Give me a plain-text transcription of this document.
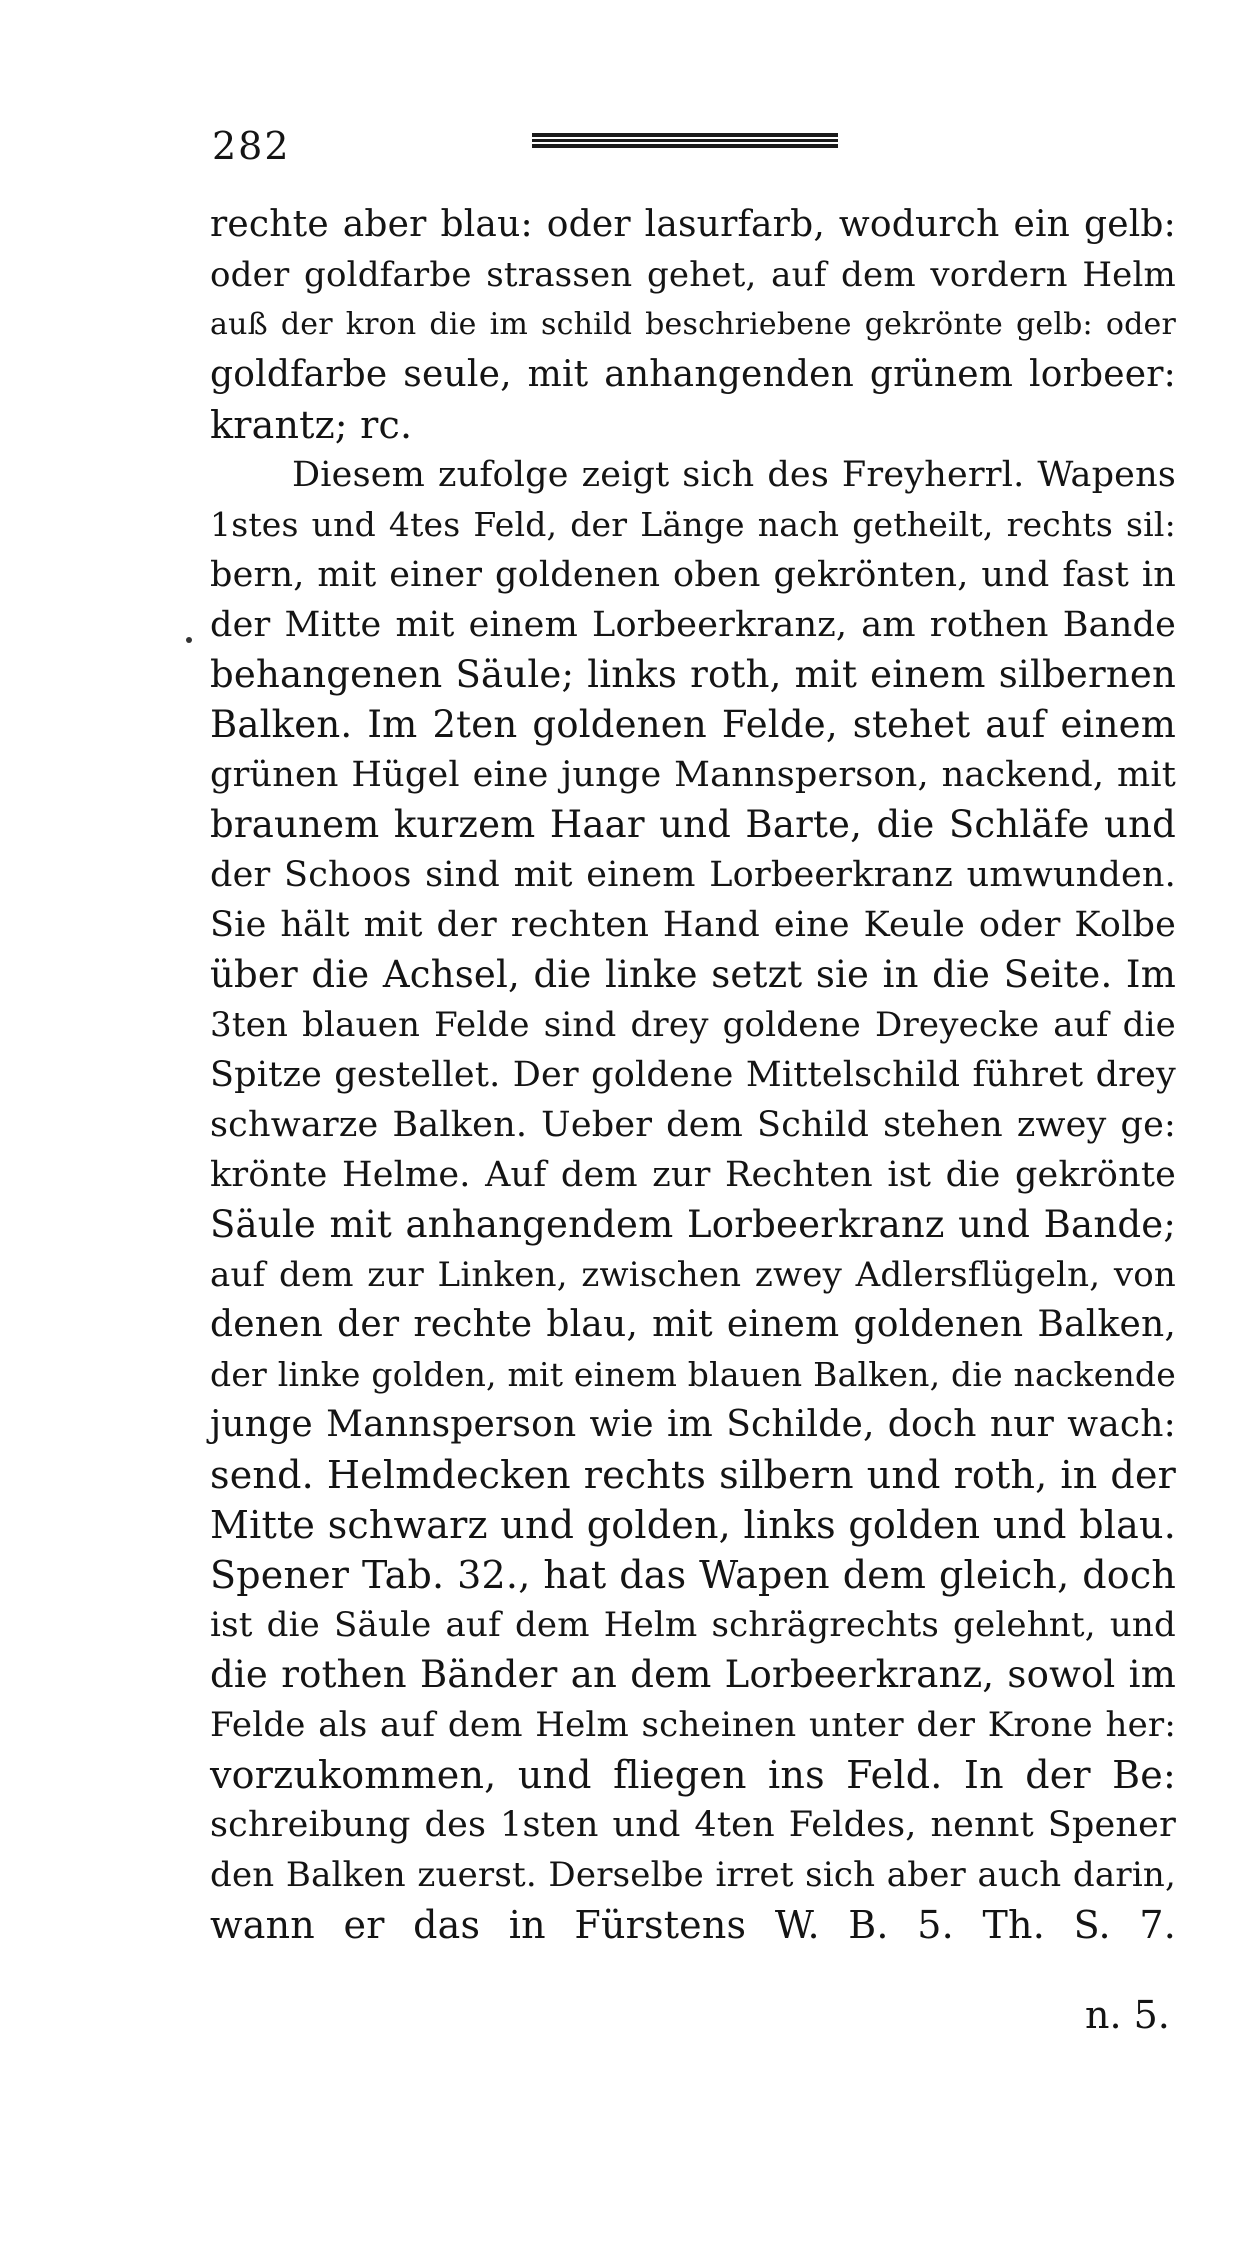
282
rechte aber blau: oder lasurfarb, wodurch ein gelb:
oder goldfarbe strassen gehet, auf dem vordern Helm
auß der kron die im schild beschriebene gekrönte gelb: oder
goldfarbe seule, mit anhangenden grünem lorbeer:
krantz; rc.
Diesem zufolge zeigt sich des Freyherrl. Wapens
1stes und 4tes Feld, der Länge nach getheilt, rechts sil:
bern, mit einer goldenen oben gekrönten, und fast in
der Mitte mit einem Lorbeerkranz, am rothen Bande
behangenen Säule; links roth, mit einem silbernen
Balken. Im 2ten goldenen Felde, stehet auf einem
grünen Hügel eine junge Mannsperson, nackend, mit
braunem kurzem Haar und Barte, die Schläfe und
der Schoos sind mit einem Lorbeerkranz umwunden.
Sie hält mit der rechten Hand eine Keule oder Kolbe
über die Achsel, die linke setzt sie in die Seite. Im
3ten blauen Felde sind drey goldene Dreyecke auf die
Spitze gestellet. Der goldene Mittelschild führet drey
schwarze Balken. Ueber dem Schild stehen zwey ge:
krönte Helme. Auf dem zur Rechten ist die gekrönte
Säule mit anhangendem Lorbeerkranz und Bande;
auf dem zur Linken, zwischen zwey Adlersflügeln, von
denen der rechte blau, mit einem goldenen Balken,
der linke golden, mit einem blauen Balken, die nackende
junge Mannsperson wie im Schilde, doch nur wach:
send. Helmdecken rechts silbern und roth, in der
Mitte schwarz und golden, links golden und blau.
Spener Tab. 32., hat das Wapen dem gleich, doch
ist die Säule auf dem Helm schrägrechts gelehnt, und
die rothen Bänder an dem Lorbeerkranz, sowol im
Felde als auf dem Helm scheinen unter der Krone her:
vorzukommen, und fliegen ins Feld. In der Be:
schreibung des 1sten und 4ten Feldes, nennt Spener
den Balken zuerst. Derselbe irret sich aber auch darin,
wann er das in Fürstens W. B. 5. Th. S. 7.
n. 5.
